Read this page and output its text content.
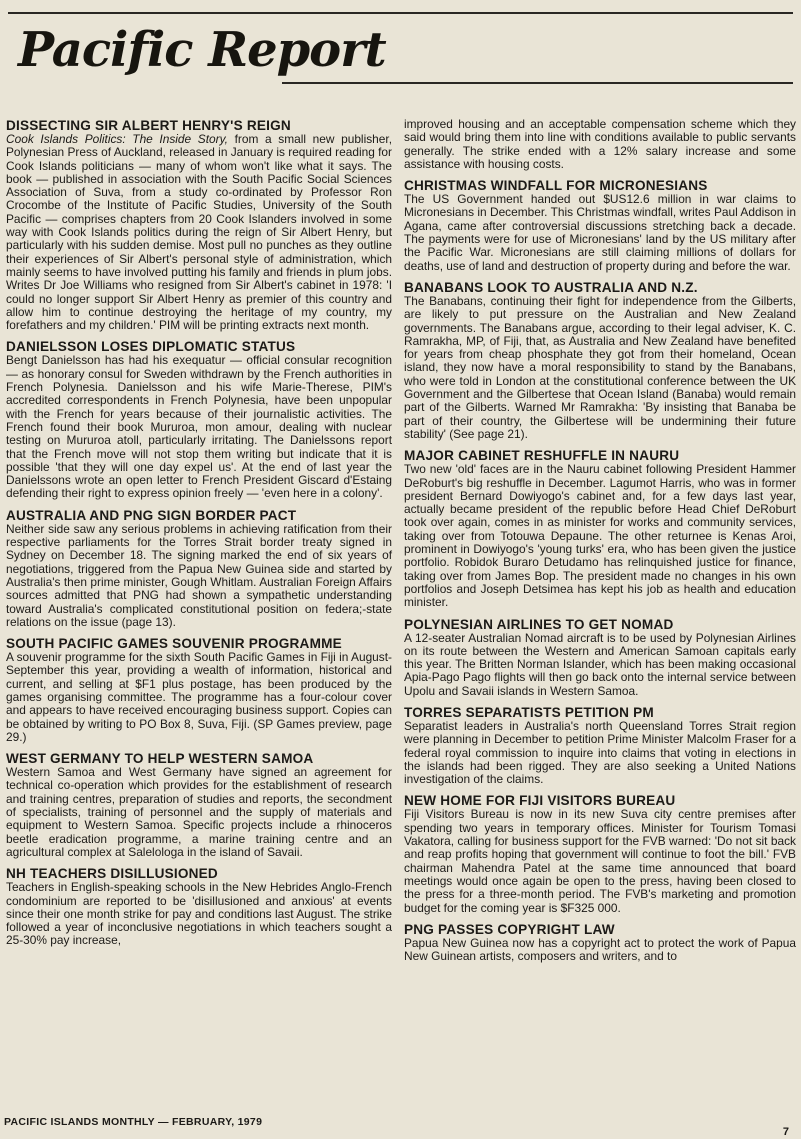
Pacific Report
DISSECTING SIR ALBERT HENRY'S REIGN

Cook Islands Politics: The Inside Story, from a small new publisher, Polynesian Press of Auckland, released in January is required reading for Cook Islands politicians — many of whom won't like what it says. The book — published in association with the South Pacific Social Sciences Association of Suva, from a study co-ordinated by Professor Ron Crocombe of the Institute of Pacific Studies, University of the South Pacific — comprises chapters from 20 Cook Islanders involved in some way with Cook Islands politics during the reign of Sir Albert Henry, but particularly with his sudden demise. Most pull no punches as they outline their experiences of Sir Albert's personal style of administration, which mainly seems to have involved putting his family and friends in plum jobs. Writes Dr Joe Williams who resigned from Sir Albert's cabinet in 1978: 'I could no longer support Sir Albert Henry as premier of this country and allow him to continue destroying the heritage of my country, my forefathers and my children.' PIM will be printing extracts next month.

DANIELSSON LOSES DIPLOMATIC STATUS

Bengt Danielsson has had his exequatur — official consular recognition — as honorary consul for Sweden withdrawn by the French authorities in French Polynesia. Danielsson and his wife Marie-Therese, PIM's accredited correspondents in French Polynesia, have been unpopular with the French for years because of their journalistic activities. The French found their book Mururoa, mon amour, dealing with nuclear testing on Mururoa atoll, particularly irritating. The Danielssons report that the French move will not stop them writing but indicate that it is possible 'that they will one day expel us'. At the end of last year the Danielssons wrote an open letter to French President Giscard d'Estaing defending their right to express opinion freely — 'even here in a colony'.

AUSTRALIA AND PNG SIGN BORDER PACT

Neither side saw any serious problems in achieving ratification from their respective parliaments for the Torres Strait border treaty signed in Sydney on December 18. The signing marked the end of six years of negotiations, triggered from the Papua New Guinea side and started by Australia's then prime minister, Gough Whitlam. Australian Foreign Affairs sources admitted that PNG had shown a sympathetic understanding toward Australia's complicated constitutional position on federa;-state relations on the issue (page 13).

SOUTH PACIFIC GAMES SOUVENIR PROGRAMME

A souvenir programme for the sixth South Pacific Games in Fiji in August-September this year, providing a wealth of information, historical and current, and selling at $F1 plus postage, has been produced by the games organising committee. The programme has a four-colour cover and appears to have received encouraging business support. Copies can be obtained by writing to PO Box 8, Suva, Fiji. (SP Games preview, page 29.)

WEST GERMANY TO HELP WESTERN SAMOA

Western Samoa and West Germany have signed an agreement for technical co-operation which provides for the establishment of research and training centres, preparation of studies and reports, the secondment of specialists, training of personnel and the supply of materials and equipment to Western Samoa. Specific projects include a rhinoceros beetle eradication programme, a marine training centre and an agricultural complex at Salelologa in the island of Savaii.

NH TEACHERS DISILLUSIONED

Teachers in English-speaking schools in the New Hebrides Anglo-French condominium are reported to be 'disillusioned and anxious' at events since their one month strike for pay and conditions last August. The strike followed a year of inconclusive negotiations in which teachers sought a 25-30% pay increase,

improved housing and an acceptable compensation scheme which they said would bring them into line with conditions available to public servants generally. The strike ended with a 12% salary increase and some assistance with housing costs.

CHRISTMAS WINDFALL FOR MICRONESIANS

The US Government handed out $US12.6 million in war claims to Micronesians in December. This Christmas windfall, writes Paul Addison in Agana, came after controversial discussions stretching back a decade. The payments were for use of Micronesians' land by the US military after the Pacific War. Micronesians are still claiming millions of dollars for deaths, use of land and destruction of property during and before the war.

BANABANS LOOK TO AUSTRALIA AND N.Z.

The Banabans, continuing their fight for independence from the Gilberts, are likely to put pressure on the Australian and New Zealand governments. The Banabans argue, according to their legal adviser, K. C. Ramrakha, MP, of Fiji, that, as Australia and New Zealand have benefited for years from cheap phosphate they got from their homeland, Ocean island, they now have a moral responsibility to stand by the Banabans, who were told in London at the constitutional conference between the UK Government and the Gilbertese that Ocean Island (Banaba) would remain part of the Gilberts. Warned Mr Ramrakha: 'By insisting that Banaba be part of their country, the Gilbertese will be undermining their future stability' (See page 21).

MAJOR CABINET RESHUFFLE IN NAURU

Two new 'old' faces are in the Nauru cabinet following President Hammer DeRoburt's big reshuffle in December. Lagumot Harris, who was in former president Bernard Dowiyogo's cabinet and, for a few days last year, actually became president of the republic before Head Chief DeRoburt took over again, comes in as minister for works and community services, taking over from Totouwa Depaune. The other returnee is Kenas Aroi, prominent in Dowiyogo's 'young turks' era, who has been given the justice portfolio. Robidok Buraro Detudamo has relinquished justice for finance, taking over from James Bop. The president made no changes in his own portfolios and Joseph Detsimea has kept his job as health and education minister.

POLYNESIAN AIRLINES TO GET NOMAD

A 12-seater Australian Nomad aircraft is to be used by Polynesian Airlines on its route between the Western and American Samoan capitals early this year. The Britten Norman Islander, which has been making occasional Apia-Pago Pago flights will then go back onto the internal service between Upolu and Savaii islands in Western Samoa.

TORRES SEPARATISTS PETITION PM

Separatist leaders in Australia's north Queensland Torres Strait region were planning in December to petition Prime Minister Malcolm Fraser for a federal royal commission to inquire into claims that voting in elections in the islands had been rigged. They are also seeking a United Nations investigation of the claims.

NEW HOME FOR FIJI VISITORS BUREAU

Fiji Visitors Bureau is now in its new Suva city centre premises after spending two years in temporary offices. Minister for Tourism Tomasi Vakatora, calling for business support for the FVB warned: 'Do not sit back and reap profits hoping that government will continue to foot the bill.' FVB chairman Mahendra Patel at the same time announced that board meetings would once again be open to the press, having been closed to the press for a three-month period. The FVB's marketing and promotion budget for the coming year is $F325 000.

PNG PASSES COPYRIGHT LAW

Papua New Guinea now has a copyright act to protect the work of Papua New Guinean artists, composers and writers, and to

PACIFIC ISLANDS MONTHLY — FEBRUARY, 1979
7
